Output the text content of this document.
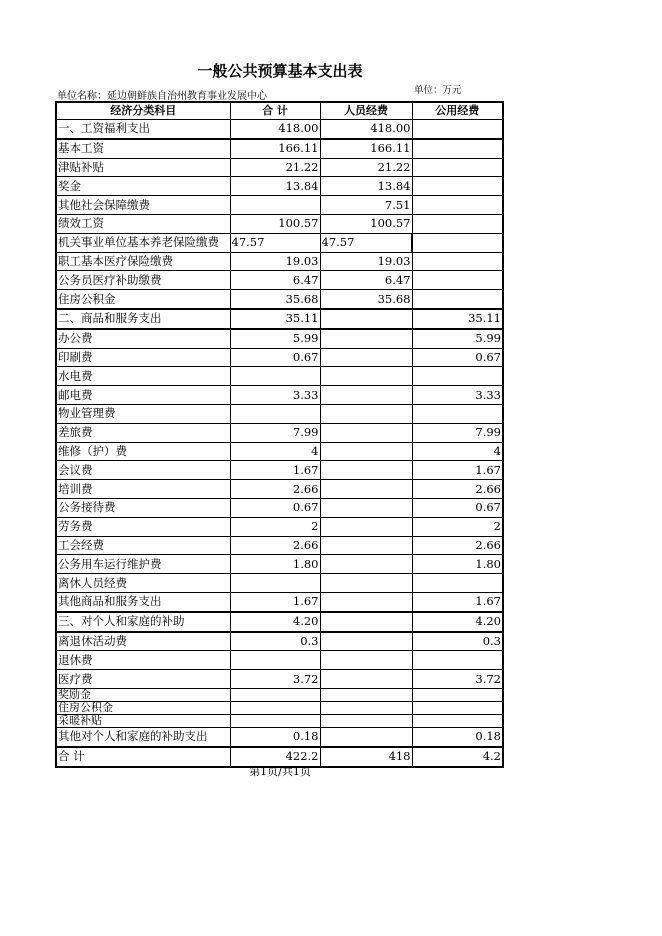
一般公共预算基本支出表
单位名称：延边朝鲜族自治州教育事业发展中心
单位：万元
经济分类科目	合 计	人员经费	公用经费
一、工资福利支出	418.00	418.00	
基本工资	166.11	166.11	
津贴补贴	21.22	21.22	
奖金	13.84	13.84	
其他社会保障缴费		7.51	
绩效工资	100.57	100.57	
机关事业单位基本养老保险缴费	47.57	47.57	
职工基本医疗保险缴费	19.03	19.03	
公务员医疗补助缴费	6.47	6.47	
住房公积金	35.68	35.68	
二、商品和服务支出	35.11		35.11
办公费	5.99		5.99
印刷费	0.67		0.67
水电费			
邮电费	3.33		3.33
物业管理费			
差旅费	7.99		7.99
维修（护）费	4		4
会议费	1.67		1.67
培训费	2.66		2.66
公务接待费	0.67		0.67
劳务费	2		2
工会经费	2.66		2.66
公务用车运行维护费	1.80		1.80
离休人员经费			
其他商品和服务支出	1.67		1.67
三、对个人和家庭的补助	4.20		4.20
离退休活动费	0.3		0.3
退休费			
医疗费	3.72		3.72
奖励金			
住房公积金			
采暖补贴			
其他对个人和家庭的补助支出	0.18		0.18
合 计	422.2	418	4.2
第1页/共1页
